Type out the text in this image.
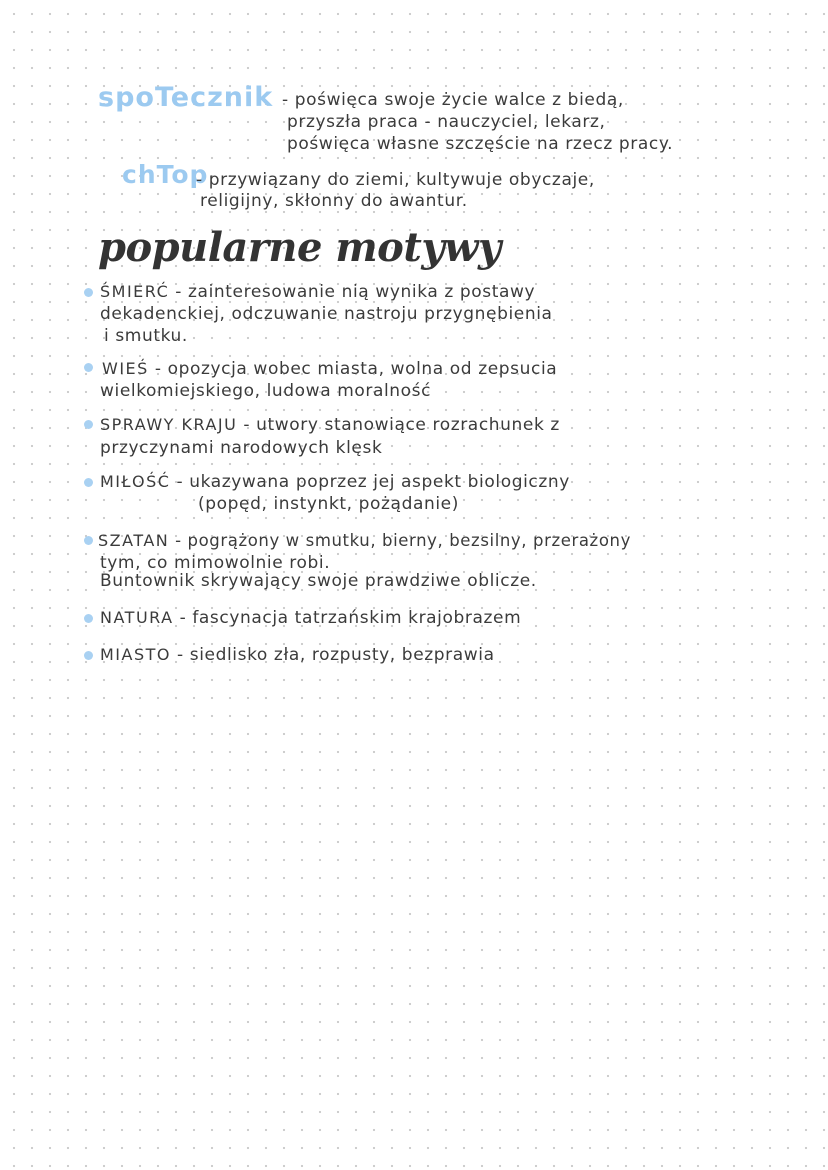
spoTecznik - poświęca swoje życie walce z biedą,
przyszła praca - nauczyciel, lekarz,
poświęca własne szczęście na rzecz pracy.
chTop
- przywiązany do ziemi, kultywuje obyczaje,
religijny, skłonny do awantur.
popularne motywy
ŚMIERĆ - zainteresowanie nią wynika z postawy
dekadenckiej, odczuwanie nastroju przygnębienia
i smutku.
WIEŚ - opozycja wobec miasta, wolna od zepsucia
wielkomiejskiego, ludowa moralność
SPRAWY KRAJU - utwory stanowiące rozrachunek z
przyczynami narodowych klęsk
MIŁOŚĆ - ukazywana poprzez jej aspekt biologiczny
(popęd, instynkt, pożądanie)
SZATAN - pogrążony w smutku, bierny, bezsilny, przerażony
tym, co mimowolnie robi.
Buntownik skrywający swoje prawdziwe oblicze.
NATURA - fascynacja tatrzańskim krajobrazem
MIASTO - siedlisko zła, rozpusty, bezprawia
